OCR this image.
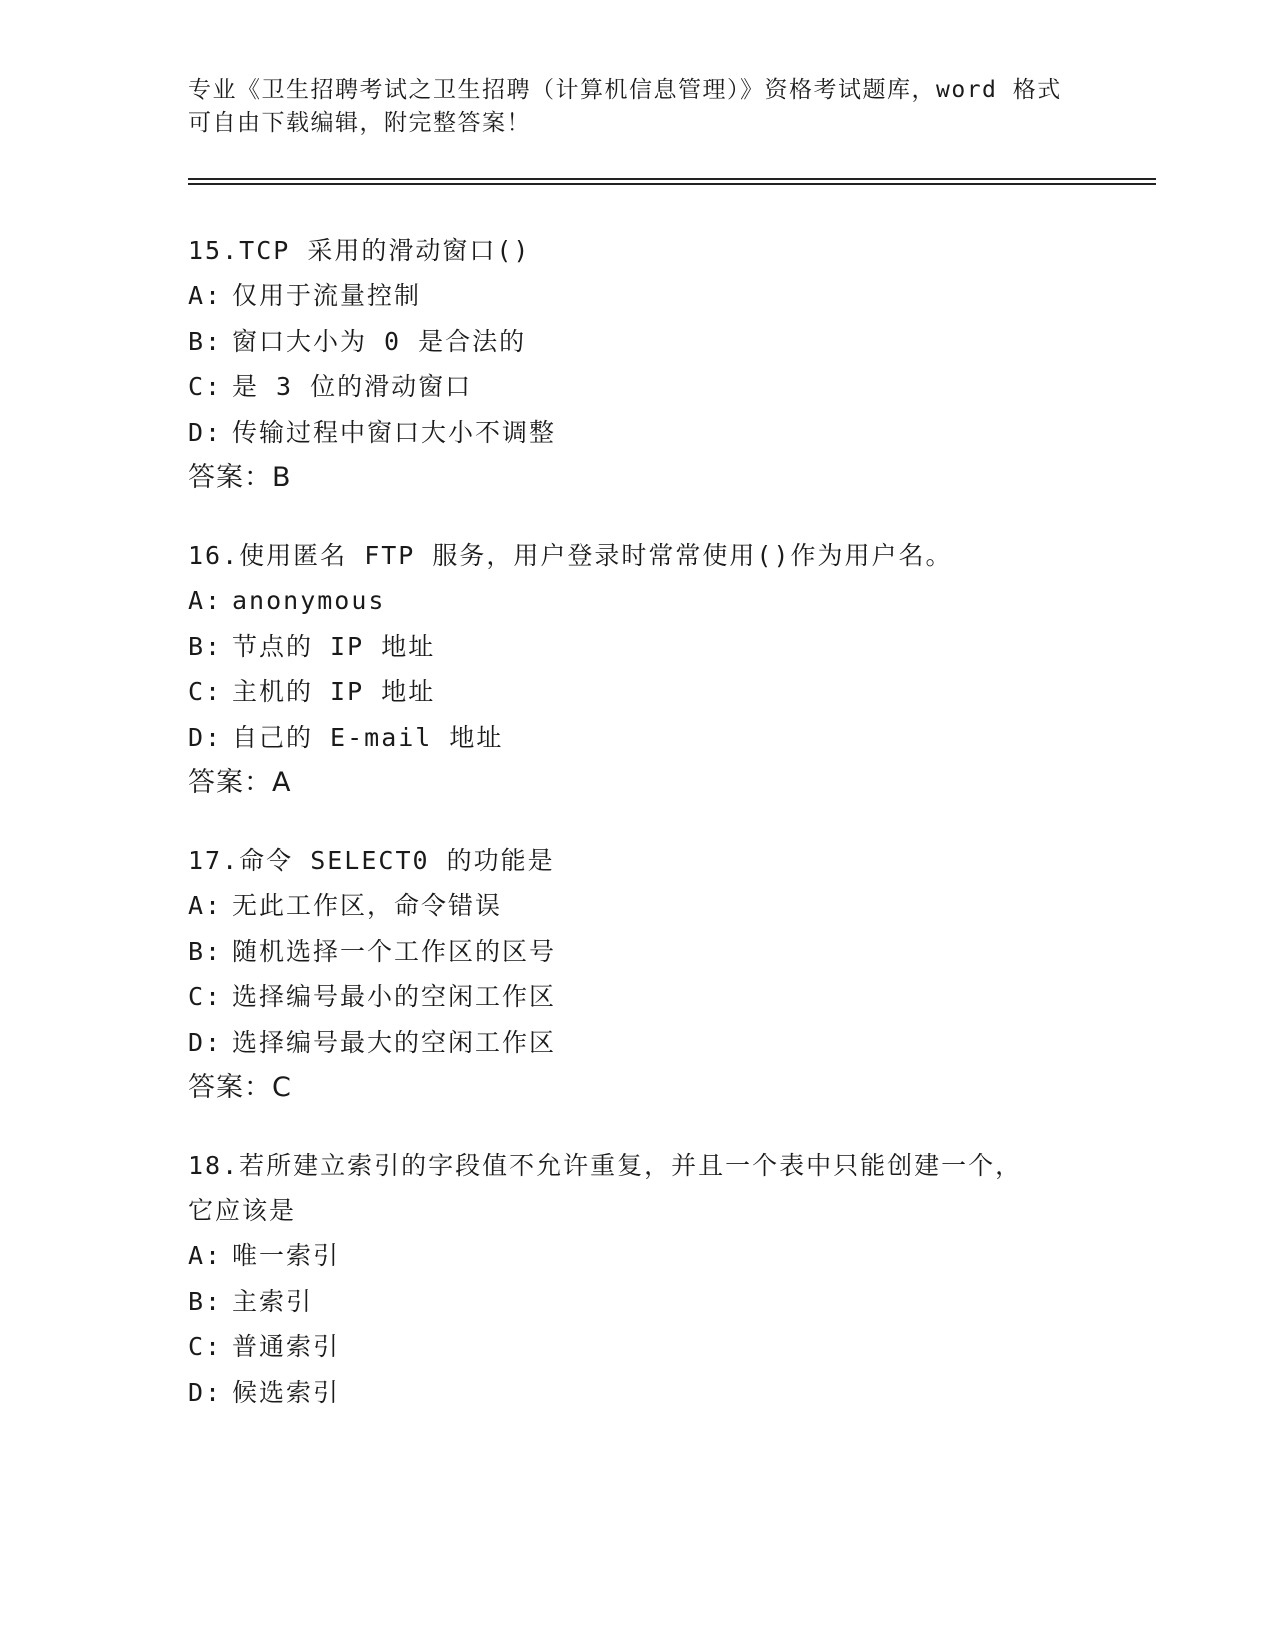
专业《卫生招聘考试之卫生招聘（计算机信息管理）》资格考试题库，word 格式
可自由下载编辑，附完整答案！
15.TCP 采用的滑动窗口()
A: 仅用于流量控制
B: 窗口大小为 0 是合法的
C: 是 3 位的滑动窗口
D: 传输过程中窗口大小不调整
答案：B
16.使用匿名 FTP 服务，用户登录时常常使用()作为用户名。
A: anonymous
B: 节点的 IP 地址
C: 主机的 IP 地址
D: 自己的 E-mail 地址
答案：A
17.命令 SELECT0 的功能是
A: 无此工作区，命令错误
B: 随机选择一个工作区的区号
C: 选择编号最小的空闲工作区
D: 选择编号最大的空闲工作区
答案：C
18.若所建立索引的字段值不允许重复，并且一个表中只能创建一个，
它应该是
A: 唯一索引
B: 主索引
C: 普通索引
D: 候选索引
